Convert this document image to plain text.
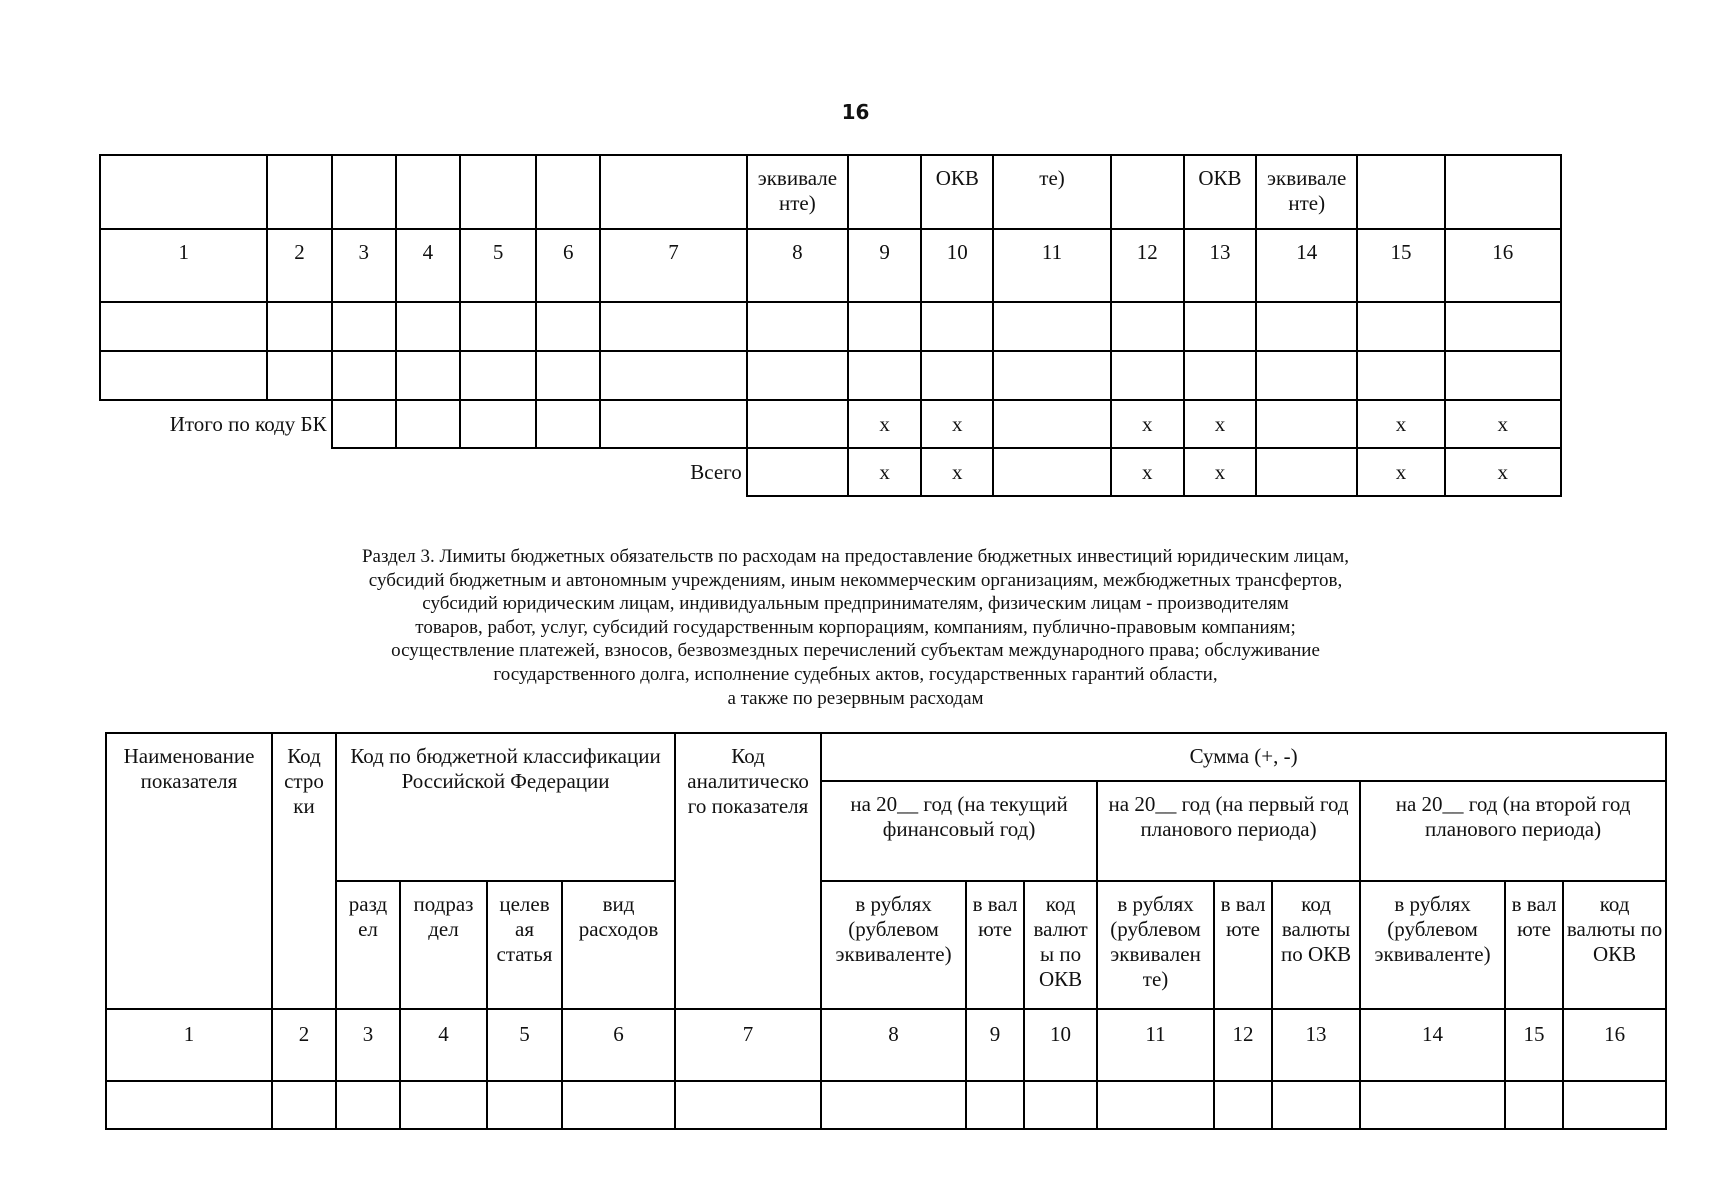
16
							эквивале нте)		ОКВ	те)		ОКВ	эквивале нте)		
1	2	3	4	5	6	7	8	9	10	11	12	13	14	15	16

Итого по коду БК								x	x		x	x		x	x
Всего								x	x		x	x		x	x
Раздел 3. Лимиты бюджетных обязательств по расходам на предоставление бюджетных инвестиций юридическим лицам,
субсидий бюджетным и автономным учреждениям, иным некоммерческим организациям, межбюджетных трансфертов,
субсидий юридическим лицам, индивидуальным предпринимателям, физическим лицам - производителям
товаров, работ, услуг, субсидий государственным корпорациям, компаниям, публично-правовым компаниям;
осуществление платежей, взносов, безвозмездных перечислений субъектам международного права; обслуживание
государственного долга, исполнение судебных актов, государственных гарантий области,
а также по резервным расходам
Наименование показателя	Код стро ки	Код по бюджетной классификации Российской Федерации				Код аналитическо го показателя	Сумма (+, -)								
							на 20__ год (на текущий финансовый год)			на 20__ год (на первый год планового периода)			на 20__ год (на второй год планового периода)		
		разд ел	подраз дел	целев ая статья	вид расходов		в рублях (рублевом эквиваленте)	в вал юте	код валют ы по ОКВ	в рублях (рублевом эквивален те)	в вал юте	код валюты по ОКВ	в рублях (рублевом эквиваленте)	в вал юте	код валюты по ОКВ
1	2	3	4	5	6	7	8	9	10	11	12	13	14	15	16
